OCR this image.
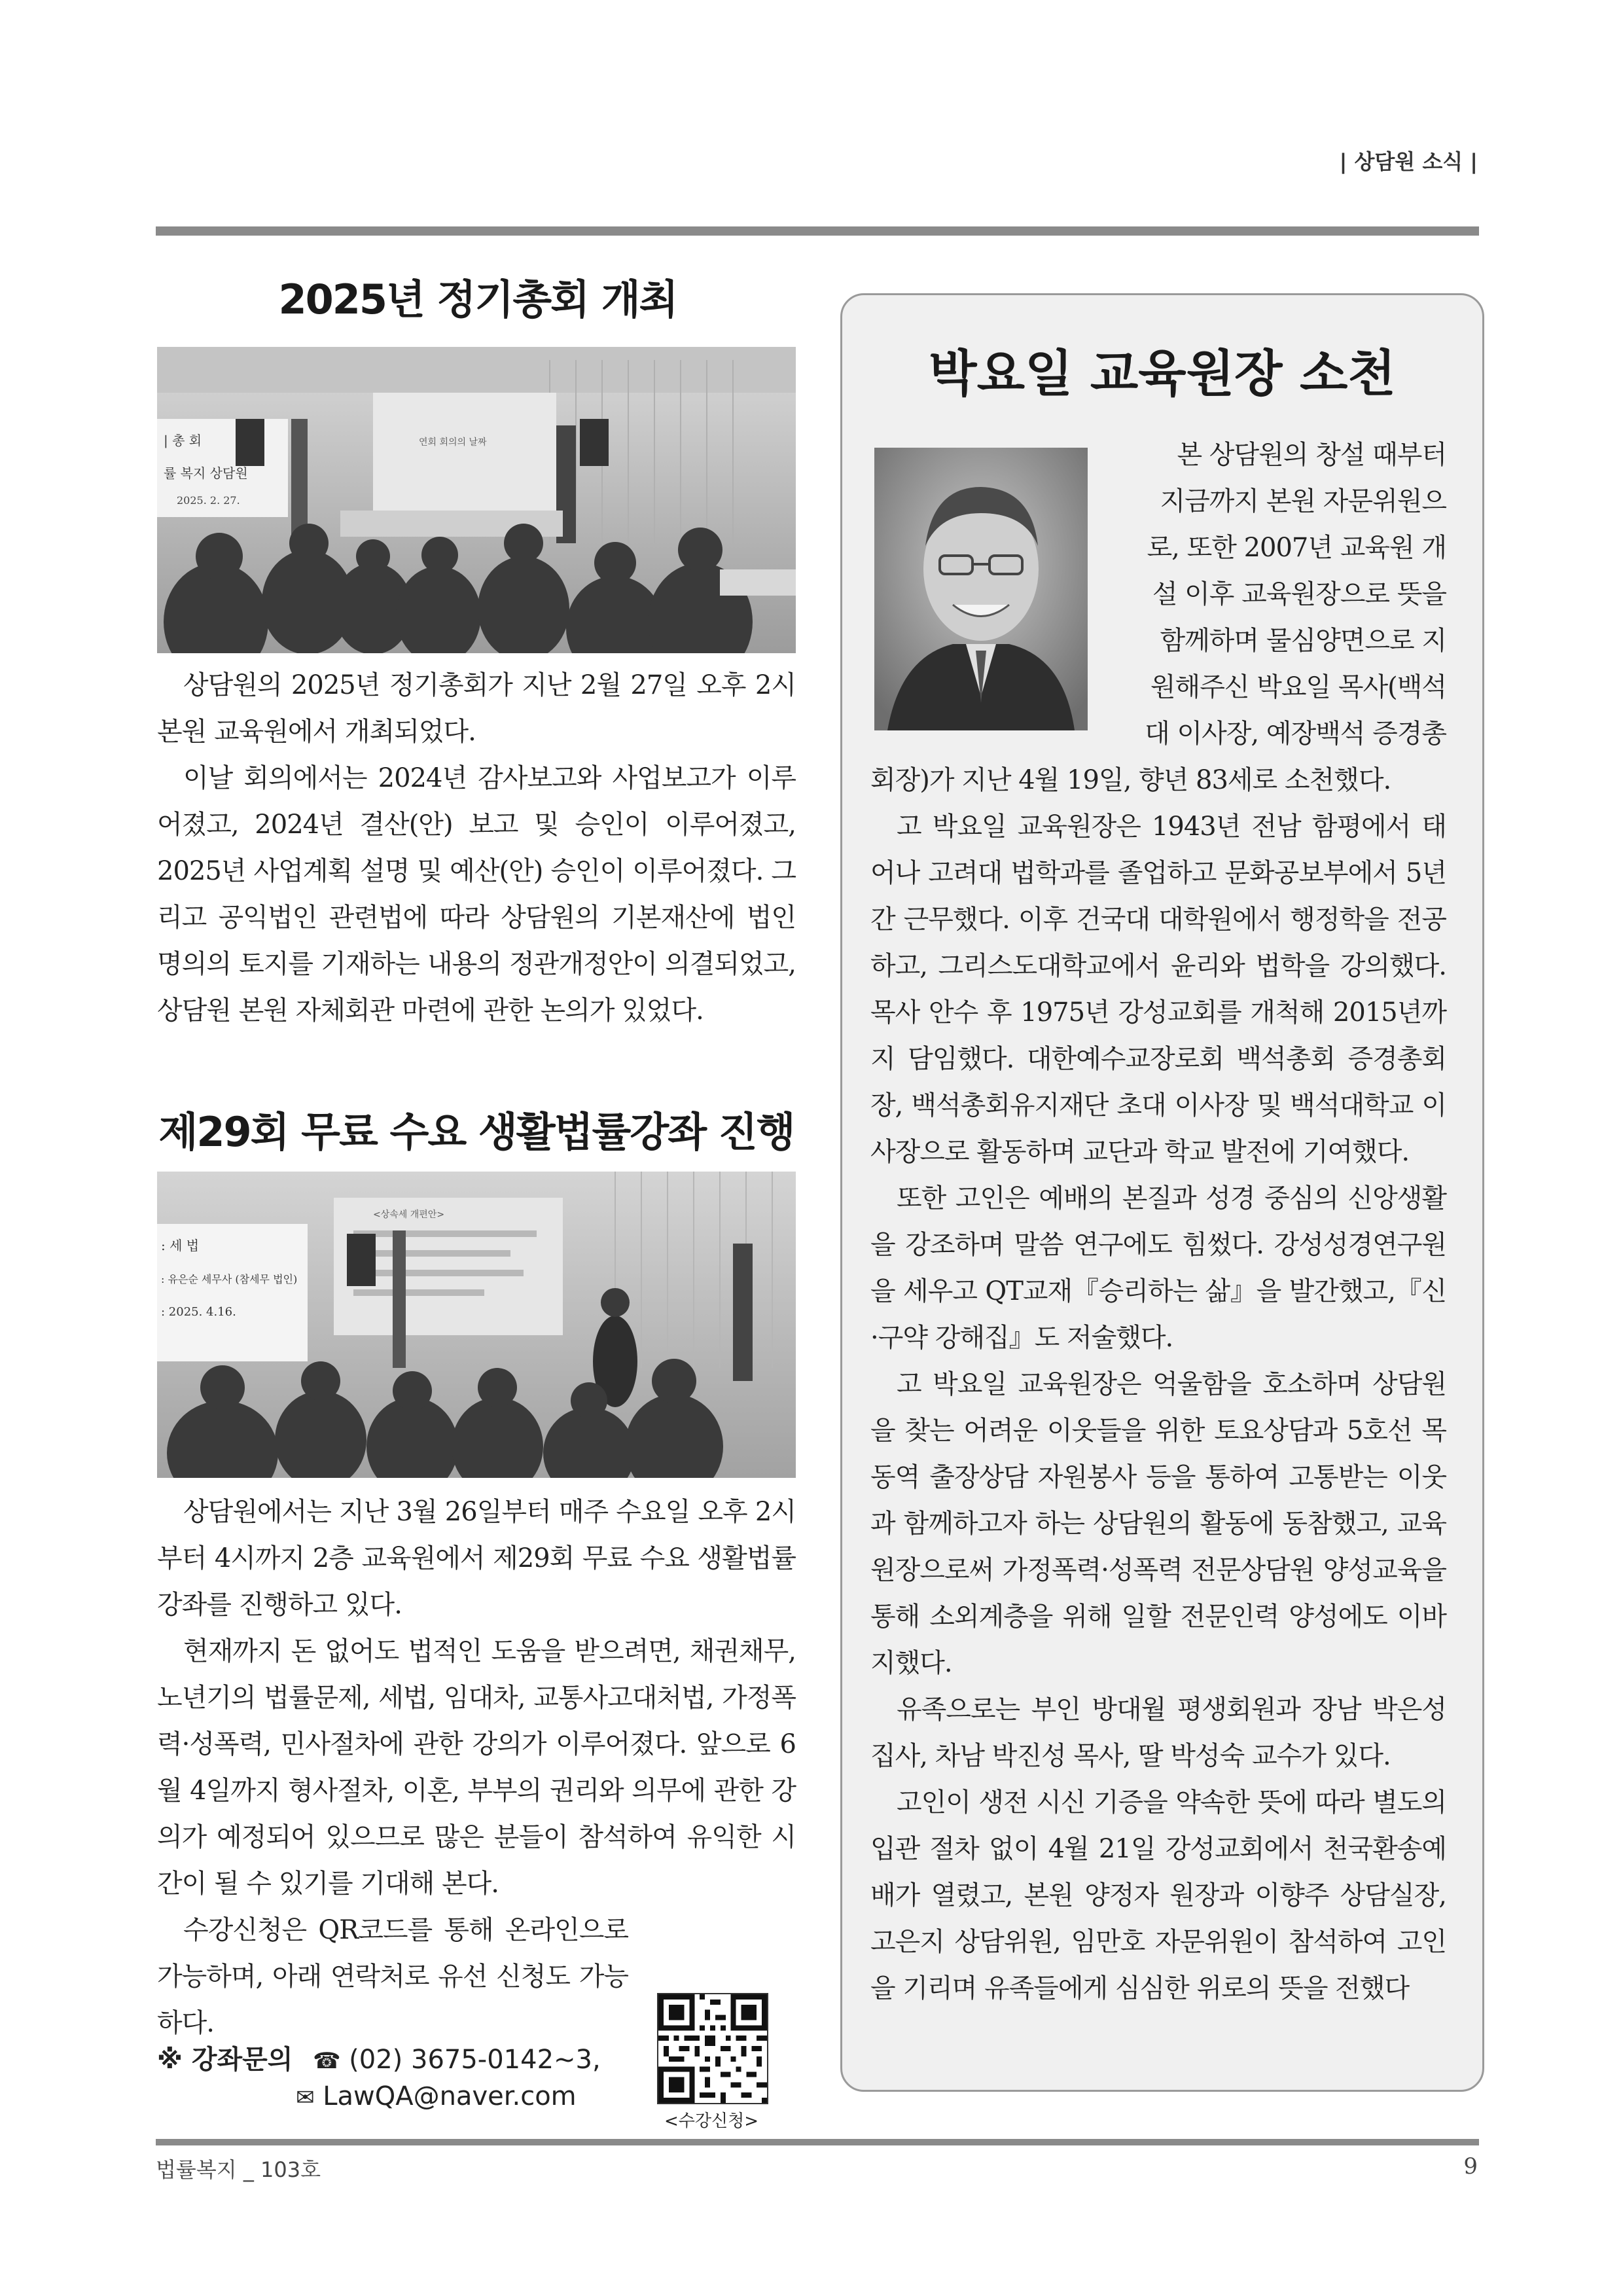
| 상담원 소식 |
2025년 정기총회 개최
| 총 회
률 복지 상담원
2025. 2. 27.
연회 회의의 날짜

상담원의 2025년 정기총회가 지난 2월 27일 오후 2시 본원 교육원에서 개최되었다.

이날 회의에서는 2024년 감사보고와 사업보고가 이루어졌고, 2024년 결산(안) 보고 및 승인이 이루어졌고, 2025년 사업계획 설명 및 예산(안) 승인이 이루어졌다. 그리고 공익법인 관련법에 따라 상담원의 기본재산에 법인 명의의 토지를 기재하는 내용의 정관개정안이 의결되었고, 상담원 본원 자체회관 마련에 관한 논의가 있었다.

제29회 무료 수요 생활법률강좌 진행
: 세 법
: 유은순 세무사 (참세무 법인)
: 2025. 4.16.
<상속세 개편안>

상담원에서는 지난 3월 26일부터 매주 수요일 오후 2시부터 4시까지 2층 교육원에서 제29회 무료 수요 생활법률강좌를 진행하고 있다.

현재까지 돈 없어도 법적인 도움을 받으려면, 채권채무, 노년기의 법률문제, 세법, 임대차, 교통사고대처법, 가정폭력·성폭력, 민사절차에 관한 강의가 이루어졌다. 앞으로 6월 4일까지 형사절차, 이혼, 부부의 권리와 의무에 관한 강의가 예정되어 있으므로 많은 분들이 참석하여 유익한 시간이 될 수 있기를 기대해 본다.

수강신청은 QR코드를 통해 온라인으로 가능하며, 아래 연락처로 유선 신청도 가능하다.

※ 강좌문의 ☎ (02) 3675-0142~3,
✉ LawQA@naver.com
<수강신청>
박요일 교육원장 소천
본 상담원의 창설 때부터
지금까지 본원 자문위원으
로, 또한 2007년 교육원 개
설 이후 교육원장으로 뜻을
함께하며 물심양면으로 지
원해주신 박요일 목사(백석
대 이사장, 예장백석 증경총
회장)가 지난 4월 19일, 향년 83세로 소천했다.

고 박요일 교육원장은 1943년 전남 함평에서 태어나 고려대 법학과를 졸업하고 문화공보부에서 5년간 근무했다. 이후 건국대 대학원에서 행정학을 전공하고, 그리스도대학교에서 윤리와 법학을 강의했다. 목사 안수 후 1975년 강성교회를 개척해 2015년까지 담임했다. 대한예수교장로회 백석총회 증경총회장, 백석총회유지재단 초대 이사장 및 백석대학교 이사장으로 활동하며 교단과 학교 발전에 기여했다.

또한 고인은 예배의 본질과 성경 중심의 신앙생활을 강조하며 말씀 연구에도 힘썼다. 강성성경연구원을 세우고 QT교재『승리하는 삶』을 발간했고,『신·구약 강해집』도 저술했다.

고 박요일 교육원장은 억울함을 호소하며 상담원을 찾는 어려운 이웃들을 위한 토요상담과 5호선 목동역 출장상담 자원봉사 등을 통하여 고통받는 이웃과 함께하고자 하는 상담원의 활동에 동참했고, 교육원장으로써 가정폭력·성폭력 전문상담원 양성교육을 통해 소외계층을 위해 일할 전문인력 양성에도 이바지했다.

유족으로는 부인 방대월 평생회원과 장남 박은성 집사, 차남 박진성 목사, 딸 박성숙 교수가 있다.

고인이 생전 시신 기증을 약속한 뜻에 따라 별도의 입관 절차 없이 4월 21일 강성교회에서 천국환송예배가 열렸고, 본원 양정자 원장과 이향주 상담실장, 고은지 상담위원, 임만호 자문위원이 참석하여 고인을 기리며 유족들에게 심심한 위로의 뜻을 전했다

법률복지 _ 103호	9
